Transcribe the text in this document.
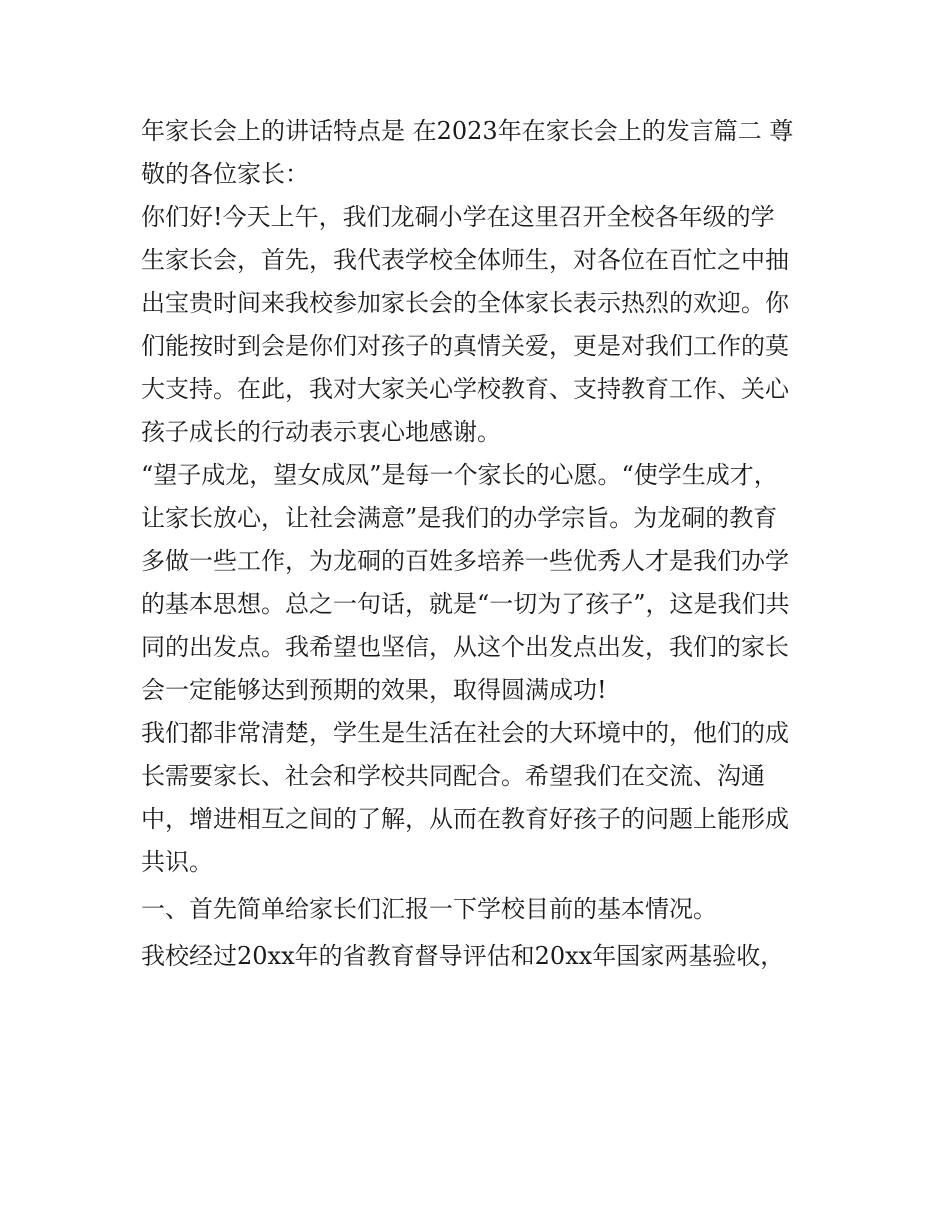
年家长会上的讲话特点是 在2023年在家长会上的发言篇二 尊
敬的各位家长：
你们好!今天上午，我们龙硐小学在这里召开全校各年级的学
生家长会，首先，我代表学校全体师生，对各位在百忙之中抽
出宝贵时间来我校参加家长会的全体家长表示热烈的欢迎。你
们能按时到会是你们对孩子的真情关爱，更是对我们工作的莫
大支持。在此，我对大家关心学校教育、支持教育工作、关心
孩子成长的行动表示衷心地感谢。
“望子成龙，望女成凤”是每一个家长的心愿。“使学生成才，
让家长放心，让社会满意”是我们的办学宗旨。为龙硐的教育
多做一些工作，为龙硐的百姓多培养一些优秀人才是我们办学
的基本思想。总之一句话，就是“一切为了孩子”，这是我们共
同的出发点。我希望也坚信，从这个出发点出发，我们的家长
会一定能够达到预期的效果，取得圆满成功!
我们都非常清楚，学生是生活在社会的大环境中的，他们的成
长需要家长、社会和学校共同配合。希望我们在交流、沟通
中，增进相互之间的了解，从而在教育好孩子的问题上能形成
共识。
一、首先简单给家长们汇报一下学校目前的基本情况。
我校经过20xx年的省教育督导评估和20xx年国家两基验收，
